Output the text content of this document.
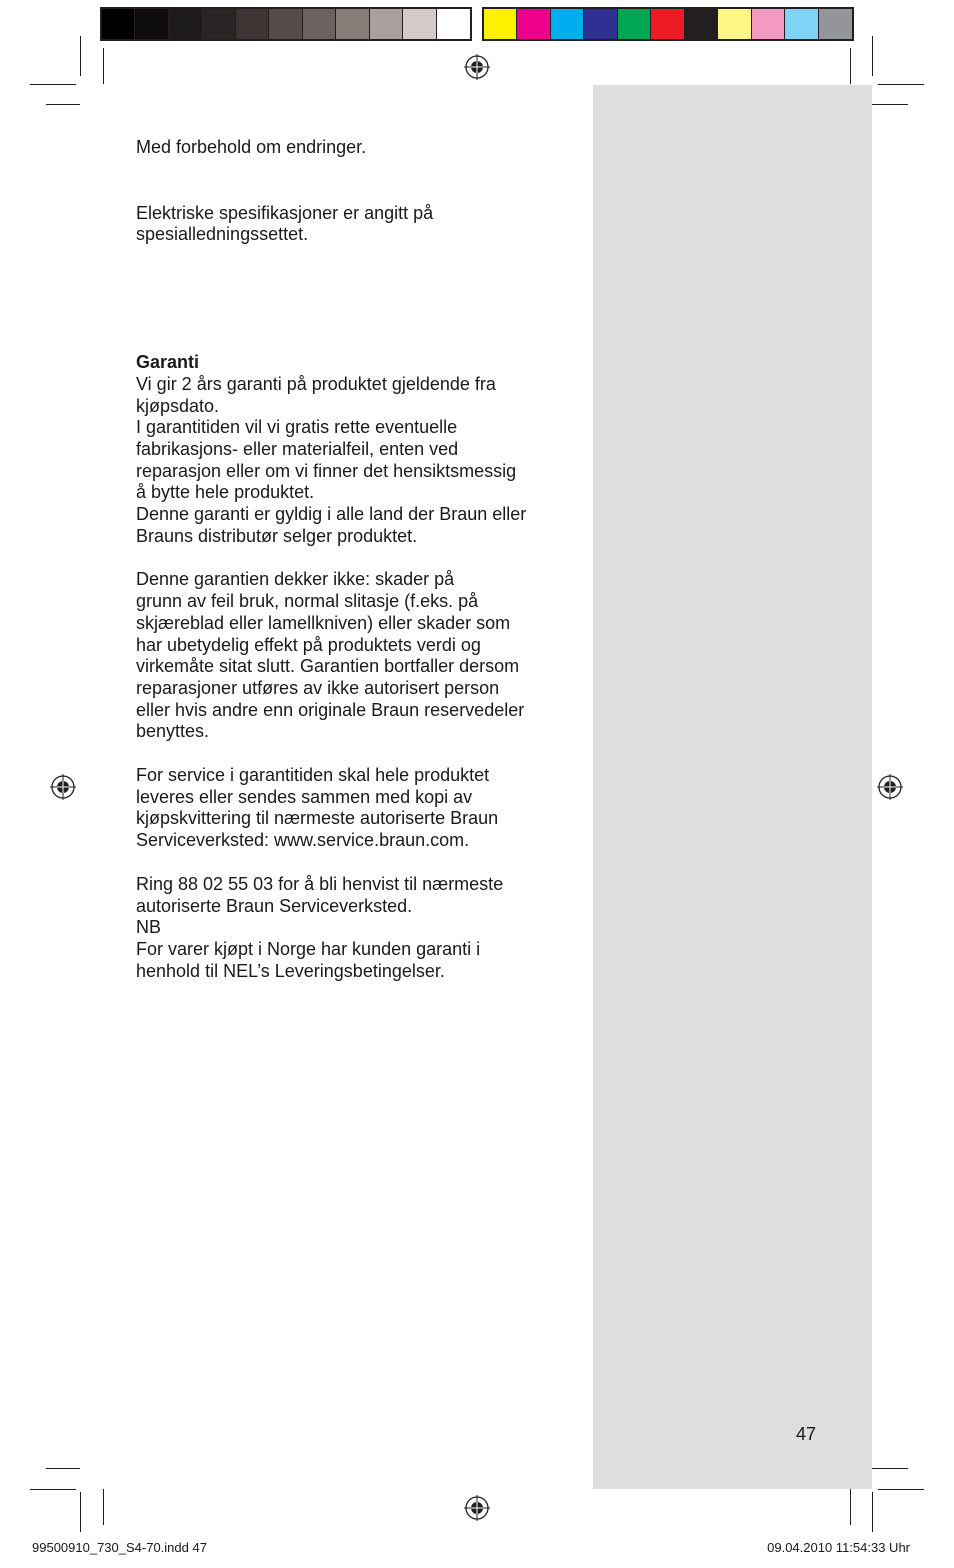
Med forbehold om endringer.

Elektriske spesifikasjoner er angitt på
spesialledningssettet.

Garanti

Vi gir 2 års garanti på produktet gjeldende fra
kjøpsdato.
I garantitiden vil vi gratis rette eventuelle
fabrikasjons- eller materialfeil, enten ved
reparasjon eller om vi finner det hensiktsmessig
å bytte hele produktet.
Denne garanti er gyldig i alle land der Braun eller
Brauns distributør selger produktet.

Denne garantien dekker ikke: skader på
grunn av feil bruk, normal slitasje (f.eks. på
skjæreblad eller lamellkniven) eller skader som
har ubetydelig effekt på produktets verdi og
virkemåte sitat slutt. Garantien bortfaller dersom
reparasjoner utføres av ikke autorisert person
eller hvis andre enn originale Braun reservedeler
benyttes.

For service i garantitiden skal hele produktet
leveres eller sendes sammen med kopi av
kjøpskvittering til nærmeste autoriserte Braun
Serviceverksted: www.service.braun.com.

Ring 88 02 55 03 for å bli henvist til nærmeste
autoriserte Braun Serviceverksted.
NB
For varer kjøpt i Norge har kunden garanti i
henhold til NEL’s Leveringsbetingelser.

47
99500910_730_S4-70.indd 47	09.04.2010 11:54:33 Uhr
